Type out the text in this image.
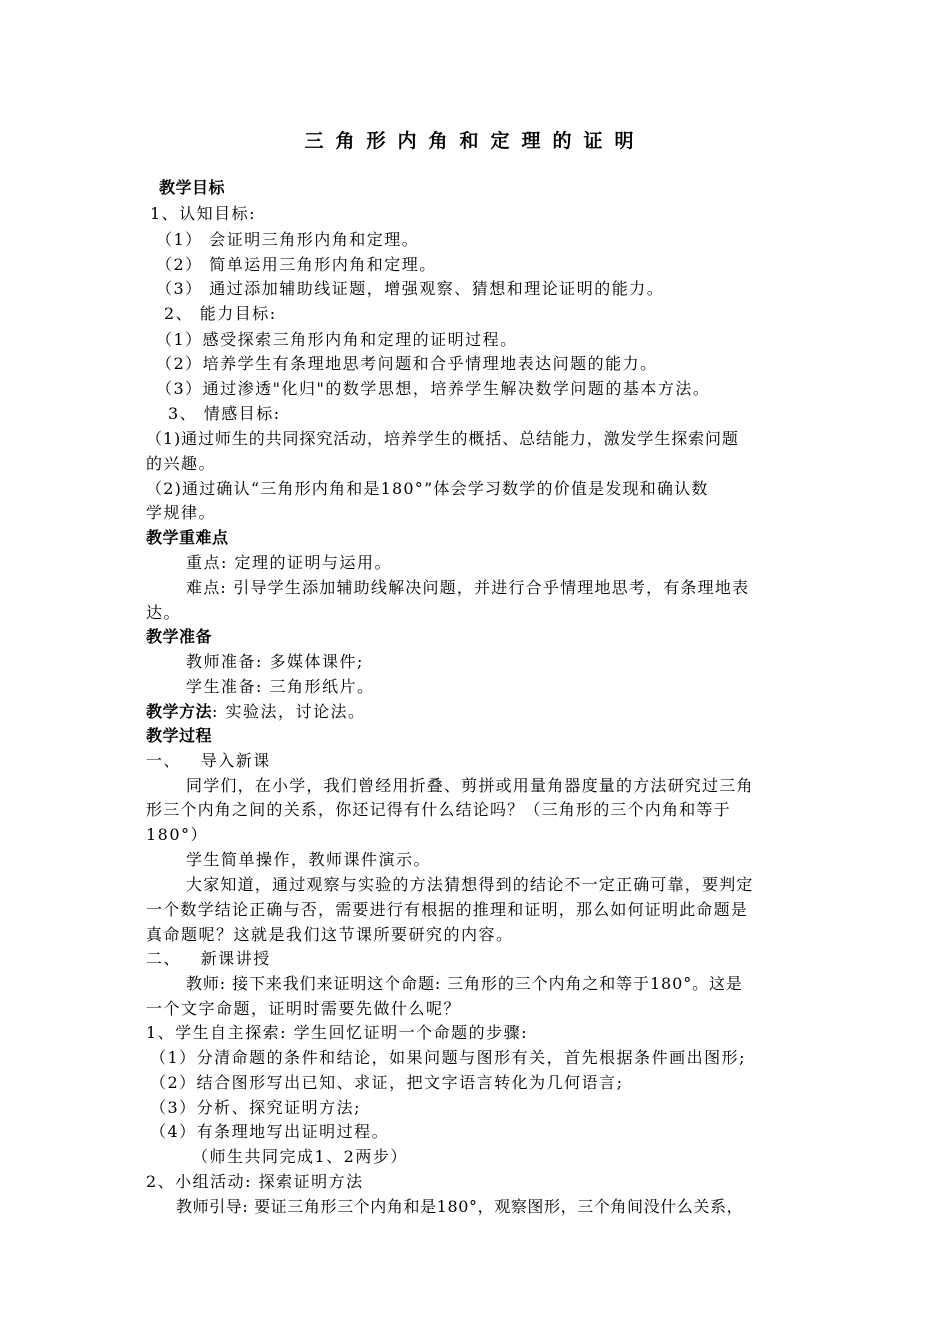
三角形内角和定理的证明
教学目标
1、认知目标:
（1） 会证明三角形内角和定理。
（2） 简单运用三角形内角和定理。
（3） 通过添加辅助线证题，增强观察、猜想和理论证明的能力。
2、 能力目标:
（1）感受探索三角形内角和定理的证明过程。
（2）培养学生有条理地思考问题和合乎情理地表达问题的能力。
（3）通过渗透"化归"的数学思想，培养学生解决数学问题的基本方法。
3、 情感目标:
（1)通过师生的共同探究活动，培养学生的概括、总结能力，激发学生探索问题
的兴趣。
（2)通过确认“三角形内角和是180°”体会学习数学的价值是发现和确认数
学规律。
教学重难点
重点: 定理的证明与运用。
难点: 引导学生添加辅助线解决问题，并进行合乎情理地思考，有条理地表
达。
教学准备
教师准备: 多媒体课件;
学生准备: 三角形纸片。
教学方法: 实验法，讨论法。
教学过程
一、   导入新课
同学们，在小学，我们曾经用折叠、剪拼或用量角器度量的方法研究过三角
形三个内角之间的关系，你还记得有什么结论吗？（三角形的三个内角和等于
180°）
学生简单操作，教师课件演示。
大家知道，通过观察与实验的方法猜想得到的结论不一定正确可靠，要判定
一个数学结论正确与否，需要进行有根据的推理和证明，那么如何证明此命题是
真命题呢？这就是我们这节课所要研究的内容。
二、   新课讲授
教师: 接下来我们来证明这个命题: 三角形的三个内角之和等于180°。这是
一个文字命题，证明时需要先做什么呢？
1、学生自主探索: 学生回忆证明一个命题的步骤:
（1）分清命题的条件和结论，如果问题与图形有关，首先根据条件画出图形;
（2）结合图形写出已知、求证，把文字语言转化为几何语言;
（3）分析、探究证明方法;
（4）有条理地写出证明过程。
（师生共同完成1、2两步）
2、小组活动: 探索证明方法
教师引导: 要证三角形三个内角和是180°，观察图形，三个角间没什么关系，
